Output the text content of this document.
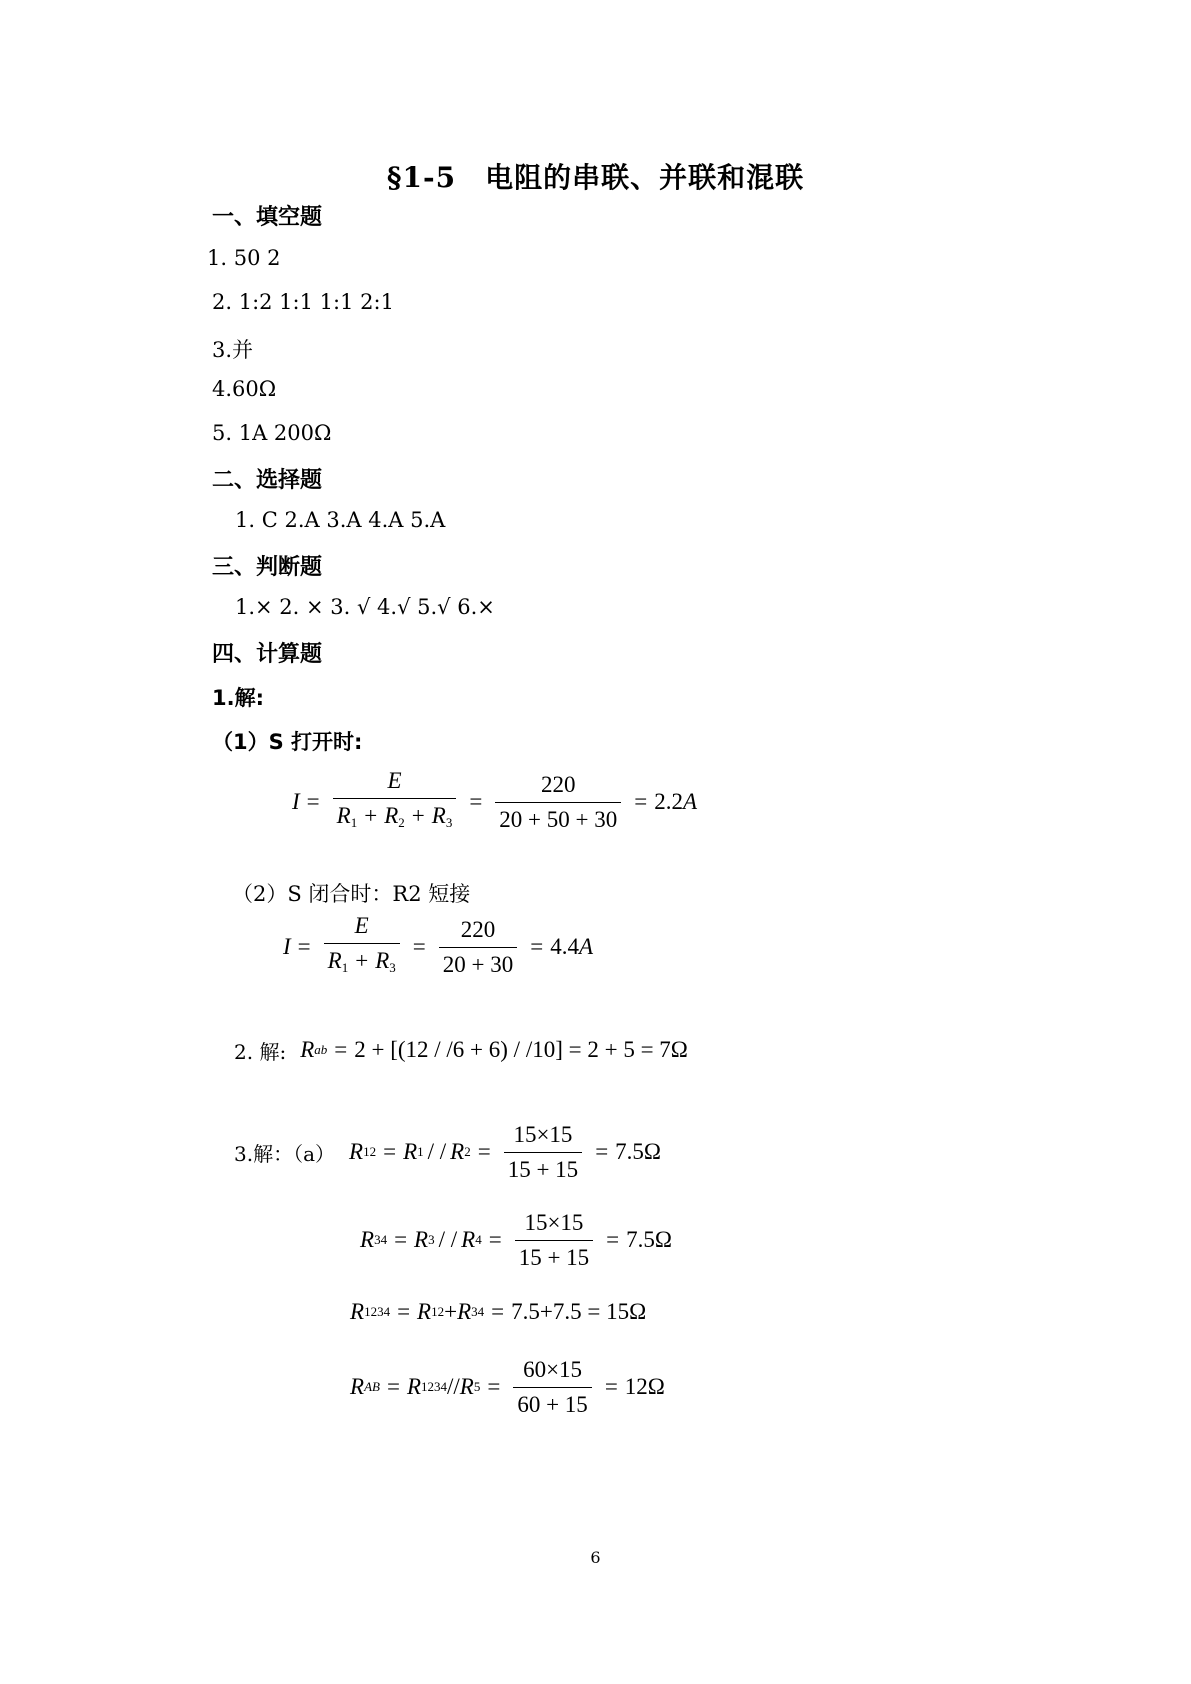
§1-5　电阻的串联、并联和混联
一、填空题
1. 50 2
2. 1:2 1:1 1:1 2:1
3.并
4.60Ω
5. 1A 200Ω
二、选择题
1. C 2.A 3.A 4.A 5.A
三、判断题
1.× 2. × 3. √ 4.√ 5.√ 6.×
四、计算题
1.解:
（1）S 打开时:
$I = \frac{E}{R_1 + R_2 + R_3} = \frac{220}{20 + 50 + 30} = 2.2$ A
（2）S 闭合时：R2 短接
$I = \frac{E}{R_1 + R_3} = \frac{220}{20 + 30} = 4.4$ A
2. 解: R ab = 2 + [(12 / /6 + 6) / /10] = 2 + 5 = 7Ω
3.解：（a） R 12 = R 1 / / R $2 = \frac{15\times 15}{15 + 15} = 7.5\Omega$
R 34 = R 3 / / R $4 = \frac{15\times 15}{15 + 15} = 7.5\Omega$
R 1234 = R 12 + R 34 = 7.5+7.5 = 15Ω
R AB = R 1234 // R $5 = \frac{60\times 15}{60 + 15} = 12\Omega$
6
